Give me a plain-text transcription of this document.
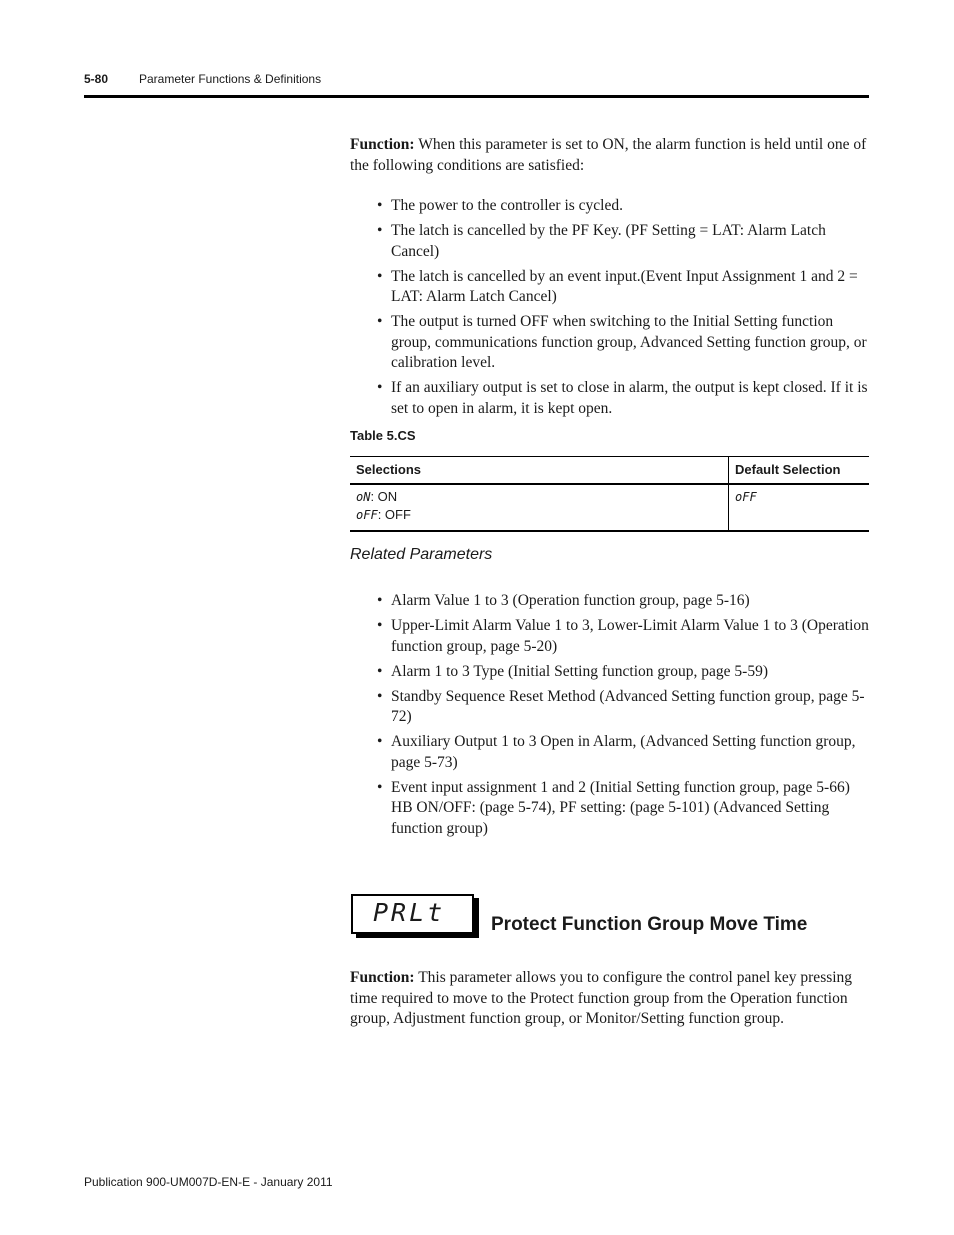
5-80	Parameter Functions & Definitions

Function: When this parameter is set to ON, the alarm function is held until one of the following conditions are satisfied:

• The power to the controller is cycled.
• The latch is cancelled by the PF Key. (PF Setting = LAT: Alarm Latch Cancel)
• The latch is cancelled by an event input.(Event Input Assignment 1 and 2 = LAT: Alarm Latch Cancel)
• The output is turned OFF when switching to the Initial Setting function group, communications function group, Advanced Setting function group, or calibration level.
• If an auxiliary output is set to close in alarm, the output is kept closed. If it is set to open in alarm, it is kept open.
Table 5.CS
Selections	Default Selection

oN: ON
oFF: OFF	oFF
Related Parameters
• Alarm Value 1 to 3 (Operation function group, page 5-16)
• Upper-Limit Alarm Value 1 to 3, Lower-Limit Alarm Value 1 to 3 (Operation function group, page 5-20)
• Alarm 1 to 3 Type (Initial Setting function group, page 5-59)
• Standby Sequence Reset Method (Advanced Setting function group, page 5-72)
• Auxiliary Output 1 to 3 Open in Alarm, (Advanced Setting function group, page 5-73)
• Event input assignment 1 and 2 (Initial Setting function group, page 5-66) HB ON/OFF: (page 5-74), PF setting: (page 5-101) (Advanced Setting function group)
PRLt Protect Function Group Move Time

Function: This parameter allows you to configure the control panel key pressing time required to move to the Protect function group from the Operation function group, Adjustment function group, or Monitor/Setting function group.

Publication 900-UM007D-EN-E - January 2011
